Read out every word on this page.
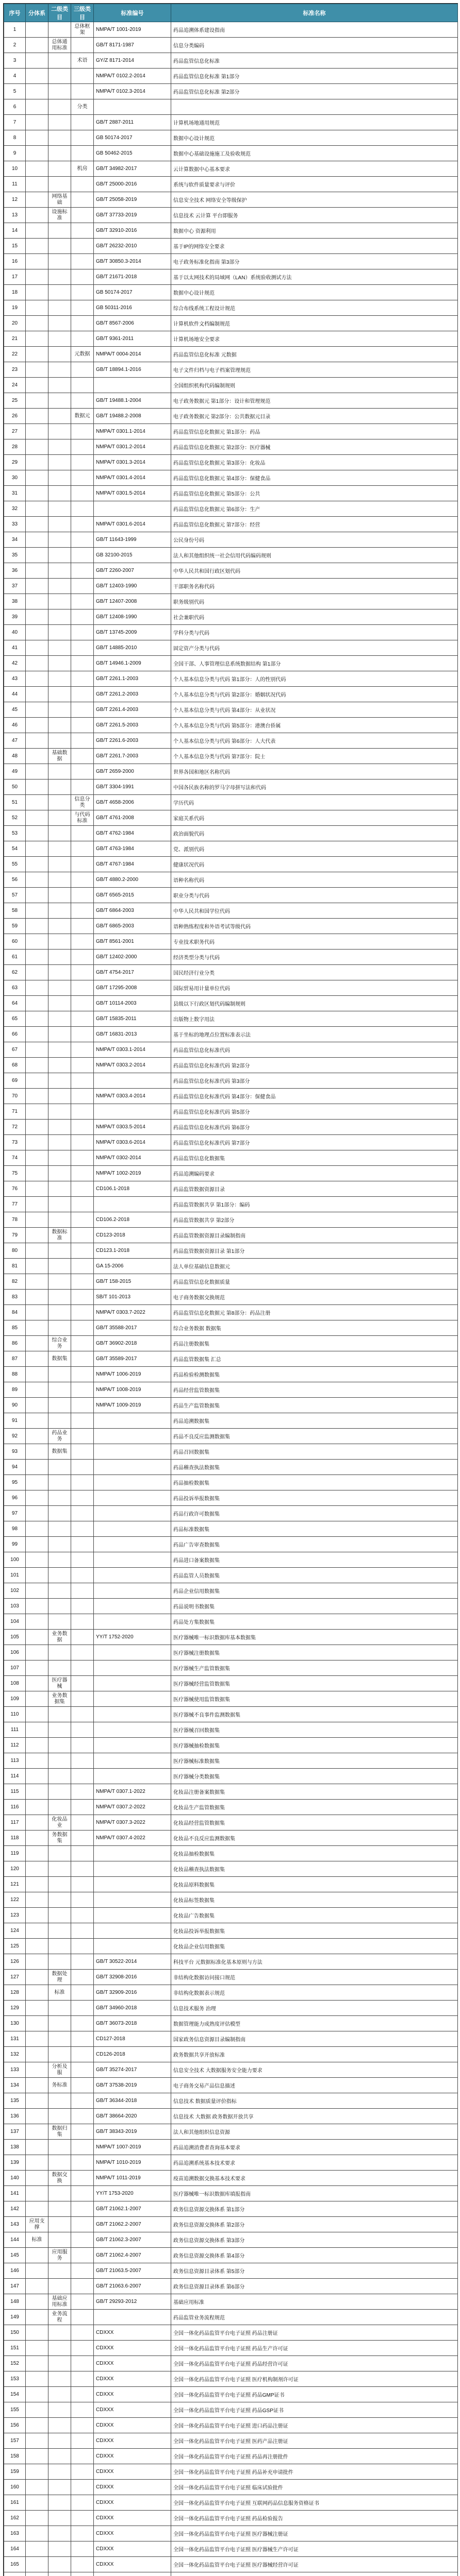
序号	分体系	二级类目	三级类目	标准编号	标准名称
1			总体框架	NMPA/T 1001-2019	药品追溯体系建设指南
2		总体通用标准		GB/T 8171-1987	信息分类编码
3			术语	GY/Z 8171-2014	药品监管信息化标准
4				NMPA/T 0102.2-2014	药品监管信息化标准 第1部分
5				NMPA/T 0102.3-2014	药品监管信息化标准 第2部分
6			分类		
7				GB/T 2887-2011	计算机场地通用规范
8				GB 50174-2017	数据中心设计规范
9				GB 50462-2015	数据中心基础设施施工及验收规范
10			机房	GB/T 34982-2017	云计算数据中心基本要求
11				GB/T 25000-2016	系统与软件质量要求与评价
12		网络基础		GB/T 25058-2019	信息安全技术 网络安全等级保护
13		设施标准		GB/T 37733-2019	信息技术 云计算 平台即服务
14				GB/T 32910-2016	数据中心 资源利用
15				GB/T 26232-2010	基于IP的网络安全要求
16				GB/T 30850.3-2014	电子政务标准化指南 第3部分
17				GB/T 21671-2018	基于以太网技术的局域网（LAN）系统验收测试方法
18				GB 50174-2017	数据中心设计规范
19				GB 50311-2016	综合布线系统工程设计规范
20				GB/T 8567-2006	计算机软件文档编制规范
21				GB/T 9361-2011	计算机场地安全要求
22			元数据	NMPA/T 0004-2014	药品监管信息化标准 元数据
23				GB/T 18894.1-2016	电子文件归档与电子档案管理规范
24					全国组织机构代码编制规则
25				GB/T 19488.1-2004	电子政务数据元 第1部分：设计和管理规范
26			数据元	GB/T 19488.2-2008	电子政务数据元 第2部分：公共数据元目录
27				NMPA/T 0301.1-2014	药品监管信息化数据元 第1部分：药品
28				NMPA/T 0301.2-2014	药品监管信息化数据元 第2部分：医疗器械
29				NMPA/T 0301.3-2014	药品监管信息化数据元 第3部分：化妆品
30				NMPA/T 0301.4-2014	药品监管信息化数据元 第4部分：保健食品
31				NMPA/T 0301.5-2014	药品监管信息化数据元 第5部分：公共
32					药品监管信息化数据元 第6部分：生产
33				NMPA/T 0301.6-2014	药品监管信息化数据元 第7部分：经营
34				GB/T 11643-1999	公民身份号码
35				GB 32100-2015	法人和其他组织统一社会信用代码编码规则
36				GB/T 2260-2007	中华人民共和国行政区划代码
37				GB/T 12403-1990	干部职务名称代码
38				GB/T 12407-2008	职务级别代码
39				GB/T 12408-1990	社会兼职代码
40				GB/T 13745-2009	学科分类与代码
41				GB/T 14885-2010	固定资产分类与代码
42				GB/T 14946.1-2009	全国干部、人事管理信息系统数据结构 第1部分
43				GB/T 2261.1-2003	个人基本信息分类与代码 第1部分：人的性别代码
44				GB/T 2261.2-2003	个人基本信息分类与代码 第2部分：婚姻状况代码
45				GB/T 2261.4-2003	个人基本信息分类与代码 第4部分：从业状况
46				GB/T 2261.5-2003	个人基本信息分类与代码 第5部分：港澳台侨属
47				GB/T 2261.6-2003	个人基本信息分类与代码 第6部分：人大代表
48		基础数据		GB/T 2261.7-2003	个人基本信息分类与代码 第7部分：院士
49				GB/T 2659-2000	世界各国和地区名称代码
50				GB/T 3304-1991	中国各民族名称的罗马字母拼写法和代码
51			信息分类	GB/T 4658-2006	学历代码
52			与代码标准	GB/T 4761-2008	家庭关系代码
53				GB/T 4762-1984	政治面貌代码
54				GB/T 4763-1984	党、派别代码
55				GB/T 4767-1984	健康状况代码
56				GB/T 4880.2-2000	语种名称代码
57				GB/T 6565-2015	职业分类与代码
58				GB/T 6864-2003	中华人民共和国学位代码
59				GB/T 6865-2003	语种熟练程度和外语考试等级代码
60				GB/T 8561-2001	专业技术职务代码
61				GB/T 12402-2000	经济类型分类与代码
62				GB/T 4754-2017	国民经济行业分类
63				GB/T 17295-2008	国际贸易用计量单位代码
64				GB/T 10114-2003	县级以下行政区划代码编制规则
65				GB/T 15835-2011	出版物上数字用法
66				GB/T 16831-2013	基于坐标的地理点位置标准表示法
67				NMPA/T 0303.1-2014	药品监管信息化标准代码
68				NMPA/T 0303.2-2014	药品监管信息化标准代码 第2部分
69					药品监管信息化标准代码 第3部分
70				NMPA/T 0303.4-2014	药品监管信息化标准代码 第4部分：保健食品
71					药品监管信息化标准代码 第5部分
72				NMPA/T 0303.5-2014	药品监管信息化标准代码 第6部分
73				NMPA/T 0303.6-2014	药品监管信息化标准代码 第7部分
74				NMPA/T 0302-2014	药品监管信息化数据集
75				NMPA/T 1002-2019	药品追溯编码要求
76				CD106.1-2018	药品监管数据资源目录
77					药品监管数据共享 第1部分：编码
78				CD106.2-2018	药品监管数据共享 第2部分
79		数据标准		CD123-2018	药品监管数据资源目录编制指南
80				CD123.1-2018	药品监管数据资源目录 第1部分
81				GA 15-2006	法人单位基础信息数据元
82				GB/T 158-2015	药品监管信息化数据质量
83				SB/T 101-2013	电子商务数据交换规范
84				NMPA/T 0303.7-2022	药品监管信息化数据元 第8部分：药品注册
85				GB/T 35588-2017	综合业务数据 数据集
86		综合业务		GB/T 36902-2018	药品注册数据集
87		数据集		GB/T 35589-2017	药品监管数据集 汇总
88				NMPA/T 1006-2019	药品检验检测数据集
89				NMPA/T 1008-2019	药品经营监管数据集
90				NMPA/T 1009-2019	药品生产监管数据集
91					药品追溯数据集
92		药品业务			药品不良反应监测数据集
93		数据集			药品召回数据集
94					药品稽查执法数据集
95					药品抽检数据集
96					药品投诉举报数据集
97					药品行政许可数据集
98					药品标准数据集
99					药品广告审查数据集
100					药品进口备案数据集
101					药品监管人员数据集
102					药品企业信用数据集
103					药品说明书数据集
104					药品处方集数据集
105		业务数据		YY/T 1752-2020	医疗器械唯一标识数据库基本数据集
106					医疗器械注册数据集
107					医疗器械生产监管数据集
108		医疗器械			医疗器械经营监管数据集
109		业务数据集			医疗器械使用监管数据集
110					医疗器械不良事件监测数据集
111					医疗器械召回数据集
112					医疗器械抽检数据集
113					医疗器械标准数据集
114					医疗器械分类数据集
115				NMPA/T 0307.1-2022	化妆品注册备案数据集
116				NMPA/T 0307.2-2022	化妆品生产监管数据集
117		化妆品业		NMPA/T 0307.3-2022	化妆品经营监管数据集
118		务数据集		NMPA/T 0307.4-2022	化妆品不良反应监测数据集
119					化妆品抽检数据集
120					化妆品稽查执法数据集
121					化妆品原料数据集
122					化妆品标签数据集
123					化妆品广告数据集
124					化妆品投诉举报数据集
125					化妆品企业信用数据集
126				GB/T 30522-2014	科技平台 元数据标准化基本原则与方法
127		数据处理		GB/T 32908-2016	非结构化数据访问接口规范
128		标准		GB/T 32909-2016	非结构化数据表示规范
129				GB/T 34960-2018	信息技术服务 治理
130				GB/T 36073-2018	数据管理能力成熟度评估模型
131				CD127-2018	国家政务信息资源目录编制指南
132				CD126-2018	政务数据共享开放标准
133		分析及服		GB/T 35274-2017	信息安全技术 大数据服务安全能力要求
134		务标准		GB/T 37538-2019	电子商务交易产品信息描述
135				GB/T 36344-2018	信息技术 数据质量评价指标
136				GB/T 38664-2020	信息技术 大数据 政务数据开放共享
137		数据归集		GB/T 38343-2019	法人和其他组织信息资源
138				NMPA/T 1007-2019	药品追溯消费者查询基本要求
139				NMPA/T 1010-2019	药品追溯系统基本技术要求
140		数据交换		NMPA/T 1011-2019	疫苗追溯数据交换基本技术要求
141				YY/T 1753-2020	医疗器械唯一标识数据库填报指南
142				GB/T 21062.1-2007	政务信息资源交换体系 第1部分
143	应用支撑			GB/T 21062.2-2007	政务信息资源交换体系 第2部分
144	标准			GB/T 21062.3-2007	政务信息资源交换体系 第3部分
145		应用服务		GB/T 21062.4-2007	政务信息资源交换体系 第4部分
146				GB/T 21063.5-2007	政务信息资源目录体系 第5部分
147				GB/T 21063.6-2007	政务信息资源目录体系 第6部分
148		基础应用标准		GB/T 29293-2012	基础应用标准
149		业务流程			药品监管业务流程规范
150				CDXXX	全国一体化药品监管平台电子证照 药品注册证
151				CDXXX	全国一体化药品监管平台电子证照 药品生产许可证
152				CDXXX	全国一体化药品监管平台电子证照 药品经营许可证
153				CDXXX	全国一体化药品监管平台电子证照 医疗机构制剂许可证
154				CDXXX	全国一体化药品监管平台电子证照 药品GMP证书
155				CDXXX	全国一体化药品监管平台电子证照 药品GSP证书
156				CDXXX	全国一体化药品监管平台电子证照 进口药品注册证
157				CDXXX	全国一体化药品监管平台电子证照 医药产品注册证
158				CDXXX	全国一体化药品监管平台电子证照 药品再注册批件
159				CDXXX	全国一体化药品监管平台电子证照 药品补充申请批件
160				CDXXX	全国一体化药品监管平台电子证照 临床试验批件
161				CDXXX	全国一体化药品监管平台电子证照 互联网药品信息服务资格证书
162				CDXXX	全国一体化药品监管平台电子证照 药品检验报告
163				CDXXX	全国一体化药品监管平台电子证照 医疗器械注册证
164				CDXXX	全国一体化药品监管平台电子证照 医疗器械生产许可证
165				CDXXX	全国一体化药品监管平台电子证照 医疗器械经营许可证
